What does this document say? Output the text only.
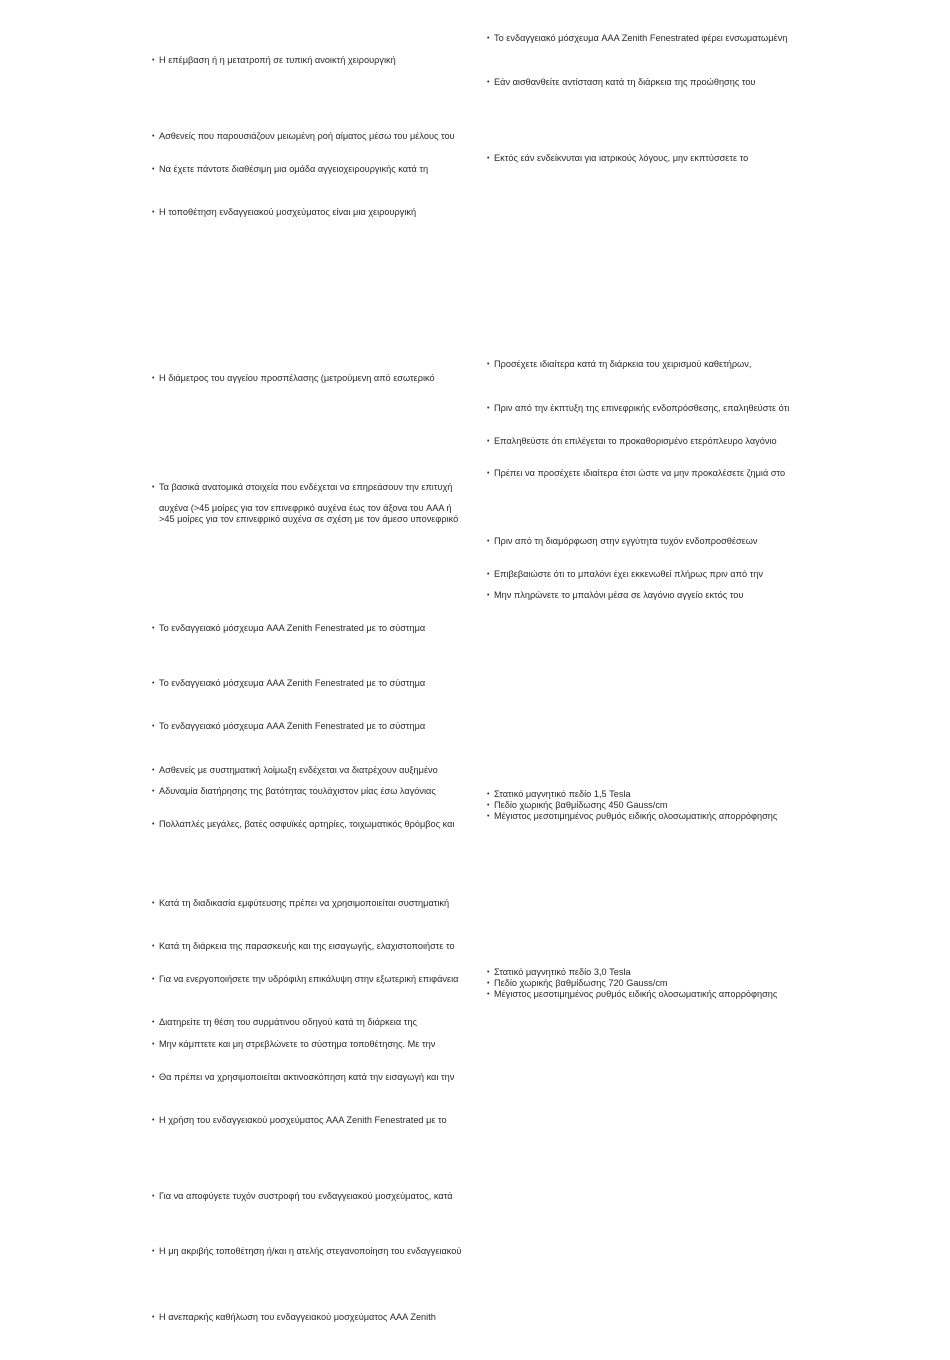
• Η επέμβαση ή η μετατροπή σε τυπική ανοικτή χειρουργική
• Ασθενείς που παρουσιάζουν μειωμένη ροή αίματος μέσω του μέλους του
• Να έχετε πάντοτε διαθέσιμη μια ομάδα αγγειοχειρουργικής κατά τη
• Η τοποθέτηση ενδαγγειακού μοσχεύματος είναι μια χειρουργική
• Η διάμετρος του αγγείου προσπέλασης (μετρούμενη από εσωτερικό
• Τα βασικά ανατομικά στοιχεία που ενδέχεται να επηρεάσουν την επιτυχή
αυχένα (>45 μοίρες για τον επινεφρικό αυχένα έως τον άξονα του AAA ή
>45 μοίρες για τον επινεφρικό αυχένα σε σχέση με τον άμεσο υπονεφρικό
• Το ενδαγγειακό μόσχευμα AAA Zenith Fenestrated με το σύστημα
• Το ενδαγγειακό μόσχευμα AAA Zenith Fenestrated με το σύστημα
• Το ενδαγγειακό μόσχευμα AAA Zenith Fenestrated με το σύστημα
• Ασθενείς με συστηματική λοίμωξη ενδέχεται να διατρέχουν αυξημένο
• Αδυναμία διατήρησης της βατότητας τουλάχιστον μίας έσω λαγόνιας
• Πολλαπλές μεγάλες, βατές οσφυϊκές αρτηρίες, τοιχωματικός θρόμβος και
• Κατά τη διαδικασία εμφύτευσης πρέπει να χρησιμοποιείται συστηματική
• Κατά τη διάρκεια της παρασκευής και της εισαγωγής, ελαχιστοποιήστε το
• Για να ενεργοποιήσετε την υδρόφιλη επικάλυψη στην εξωτερική επιφάνεια
• Διατηρείτε τη θέση του συρμάτινου οδηγού κατά τη διάρκεια της
• Μην κάμπτετε και μη στρεβλώνετε το σύστημα τοποθέτησης. Με την
• Θα πρέπει να χρησιμοποιείται ακτινοσκόπηση κατά την εισαγωγή και την
• Η χρήση του ενδαγγειακού μοσχεύματος AAA Zenith Fenestrated με το
• Για να αποφύγετε τυχόν συστροφή του ενδαγγειακού μοσχεύματος, κατά
• Η μη ακριβής τοποθέτηση ή/και η ατελής στεγανοποίηση του ενδαγγειακού
• Η ανεπαρκής καθήλωση του ενδαγγειακού μοσχεύματος AAA Zenith
• Το ενδαγγειακό μόσχευμα AAA Zenith Fenestrated φέρει ενσωματωμένη
• Εάν αισθανθείτε αντίσταση κατά τη διάρκεια της προώθησης του
• Εκτός εάν ενδείκνυται για ιατρικούς λόγους, μην εκπτύσσετε το
• Προσέχετε ιδιαίτερα κατά τη διάρκεια του χειρισμού καθετήρων,
• Πριν από την έκπτυξη της επινεφρικής ενδοπρόσθεσης, επαληθεύστε ότι
• Επαληθεύστε ότι επιλέγεται το προκαθορισμένο ετερόπλευρο λαγόνιο
• Πρέπει να προσέχετε ιδιαίτερα έτσι ώστε να μην προκαλέσετε ζημιά στο
• Πριν από τη διαμόρφωση στην εγγύτητα τυχόν ενδοπροσθέσεων
• Επιβεβαιώστε ότι το μπαλόνι έχει εκκενωθεί πλήρως πριν από την
• Μην πληρώνετε το μπαλόνι μέσα σε λαγόνιο αγγείο εκτός του
• Στατικό μαγνητικό πεδίο 1,5 Tesla
• Πεδίο χωρικής βαθμίδωσης 450 Gauss/cm
• Μέγιστος μεσοτιμημένος ρυθμός ειδικής ολοσωματικής απορρόφησης
• Στατικό μαγνητικό πεδίο 3,0 Tesla
• Πεδίο χωρικής βαθμίδωσης 720 Gauss/cm
• Μέγιστος μεσοτιμημένος ρυθμός ειδικής ολοσωματικής απορρόφησης
